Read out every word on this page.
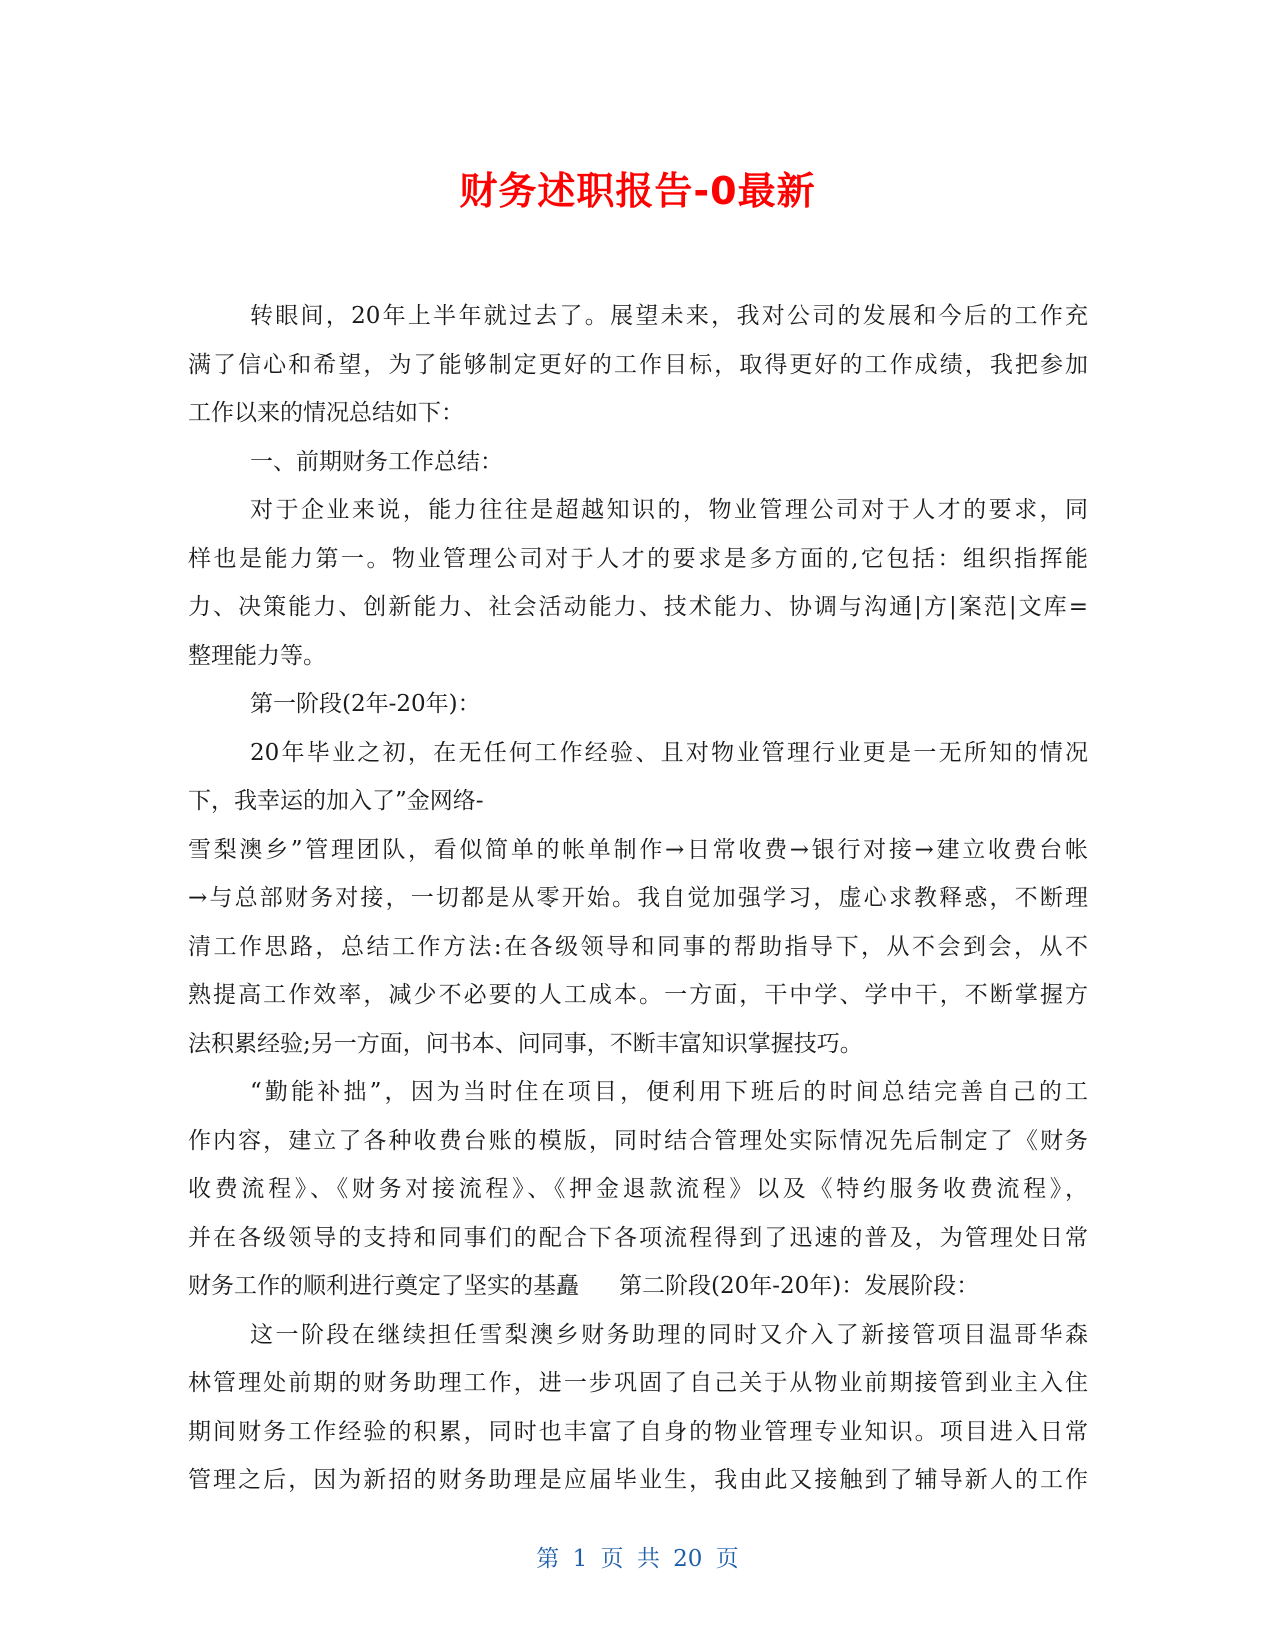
财务述职报告-0最新
转眼间，20年上半年就过去了。展望未来，我对公司的发展和今后的工作充
满了信心和希望，为了能够制定更好的工作目标，取得更好的工作成绩，我把参加
工作以来的情况总结如下：
一、前期财务工作总结：
对于企业来说，能力往往是超越知识的，物业管理公司对于人才的要求，同
样也是能力第一。物业管理公司对于人才的要求是多方面的,它包括：组织指挥能
力、决策能力、创新能力、社会活动能力、技术能力、协调与沟通|方|案范|文库=
整理能力等。
第一阶段(2年-20年)：
20年毕业之初，在无任何工作经验、且对物业管理行业更是一无所知的情况
下，我幸运的加入了”金网络-
雪梨澳乡”管理团队，看似简单的帐单制作→日常收费→银行对接→建立收费台帐
→与总部财务对接，一切都是从零开始。我自觉加强学习，虚心求教释惑，不断理
清工作思路，总结工作方法:在各级领导和同事的帮助指导下，从不会到会，从不
熟提高工作效率，减少不必要的人工成本。一方面，干中学、学中干，不断掌握方
法积累经验;另一方面，问书本、问同事，不断丰富知识掌握技巧。
“勤能补拙”，因为当时住在项目，便利用下班后的时间总结完善自己的工
作内容，建立了各种收费台账的模版，同时结合管理处实际情况先后制定了《财务
收费流程》、《财务对接流程》、《押金退款流程》以及《特约服务收费流程》，
并在各级领导的支持和同事们的配合下各项流程得到了迅速的普及，为管理处日常
财务工作的顺利进行奠定了坚实的基矗 第二阶段(20年-20年)：发展阶段：
这一阶段在继续担任雪梨澳乡财务助理的同时又介入了新接管项目温哥华森
林管理处前期的财务助理工作，进一步巩固了自己关于从物业前期接管到业主入住
期间财务工作经验的积累，同时也丰富了自身的物业管理专业知识。项目进入日常
管理之后，因为新招的财务助理是应届毕业生，我由此又接触到了辅导新人的工作
第 1 页 共 20 页
